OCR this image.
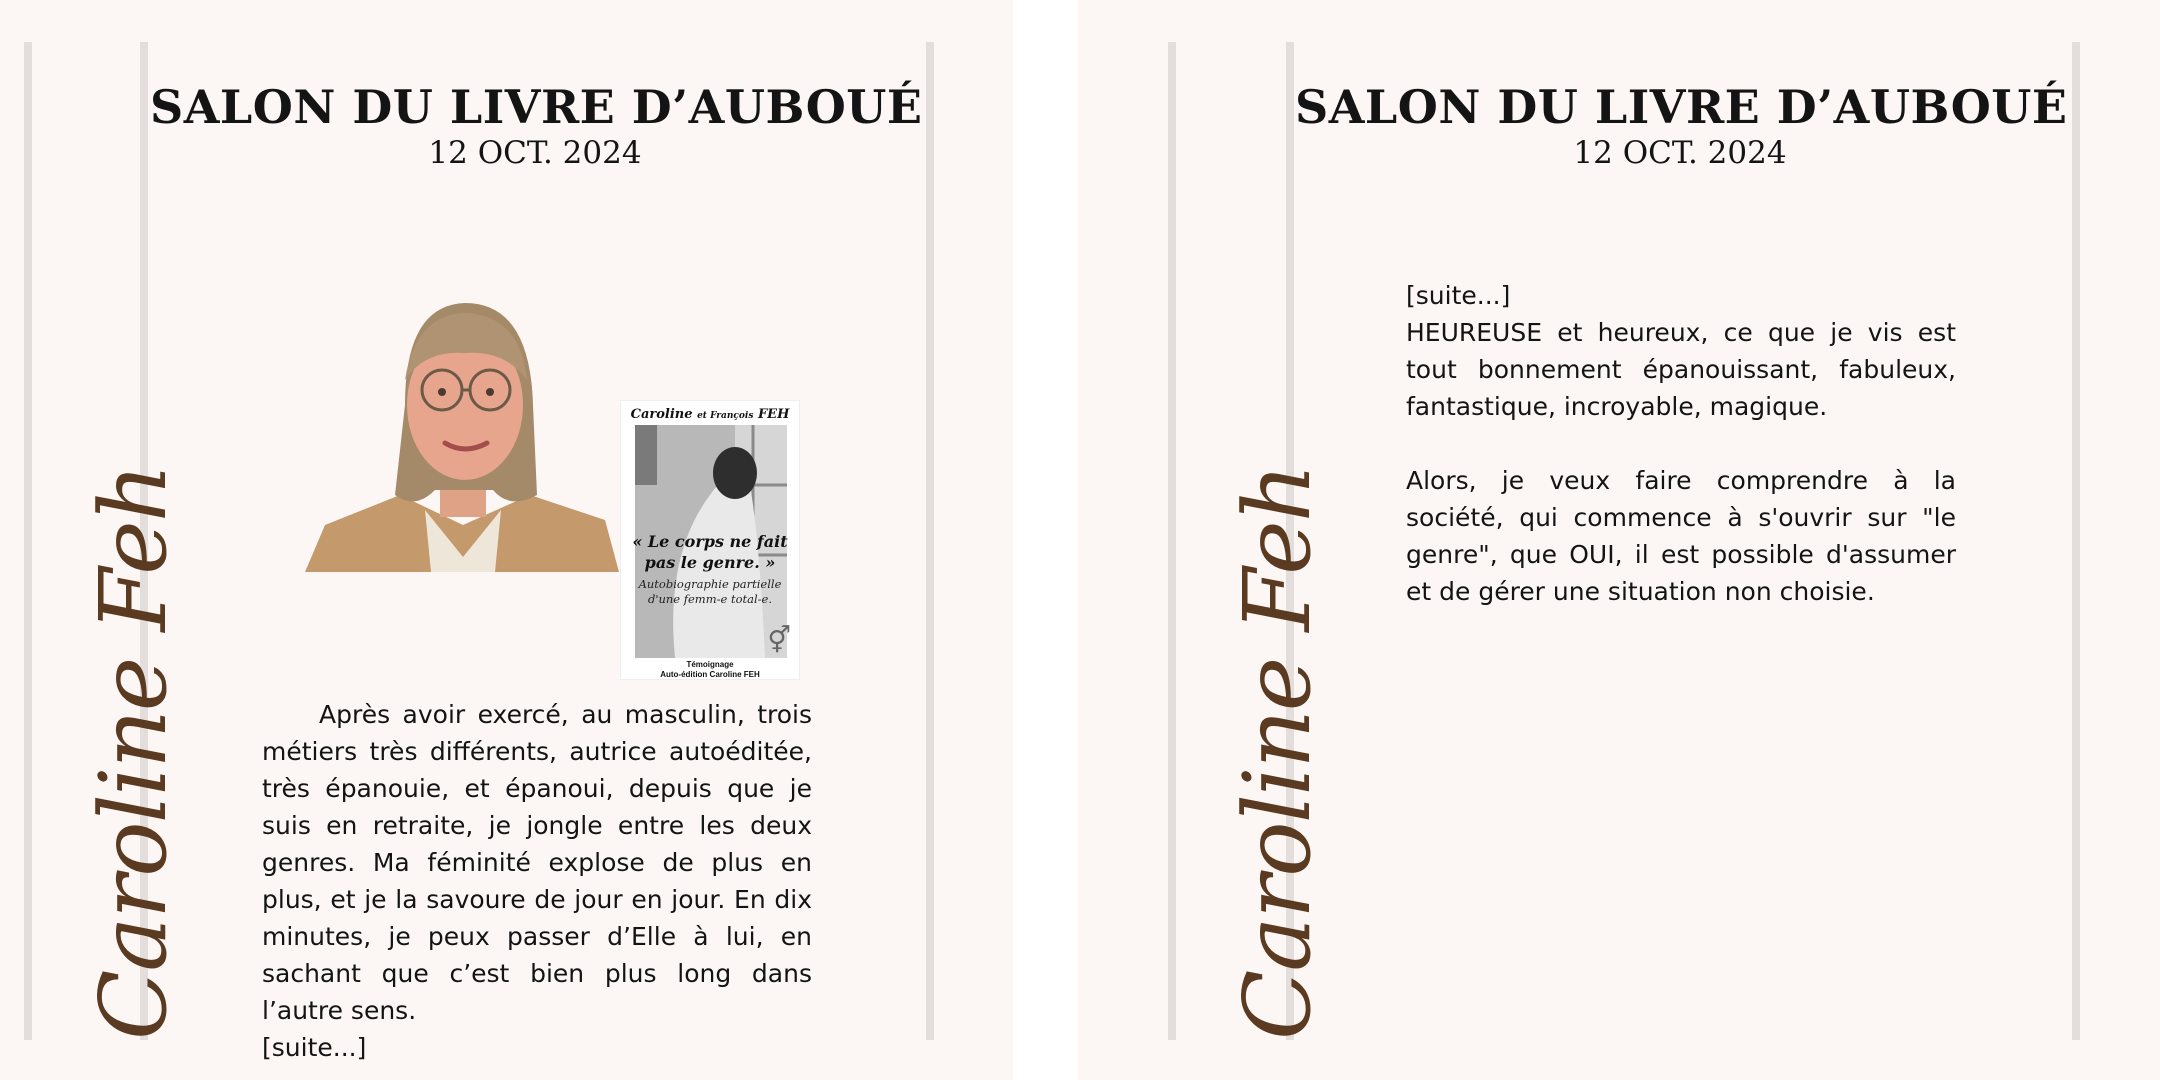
Caroline Feh
SALON DU LIVRE D’AUBOUÉ
12 OCT. 2024
Caroline et François FEH
« Le corps ne fait
pas le genre. »
Autobiographie partielle
d'une femm-e total-e.
⚥
Témoignage
Auto-édition Caroline FEH

Après avoir exercé, au masculin, trois métiers très différents, autrice autoéditée, très épanouie, et épanoui, depuis que je suis en retraite, je jongle entre les deux genres. Ma féminité explose de plus en plus, et je la savoure de jour en jour. En dix minutes, je peux passer d’Elle à lui, en sachant que c’est bien plus long dans l’autre sens.

[suite...]
Caroline Feh
SALON DU LIVRE D’AUBOUÉ
12 OCT. 2024
[suite...]

HEUREUSE et heureux, ce que je vis est tout bonnement épanouissant, fabuleux, fantastique, incroyable, magique.

Alors, je veux faire comprendre à la société, qui commence à s'ouvrir sur "le genre", que OUI, il est possible d'assumer et de gérer une situation non choisie.
